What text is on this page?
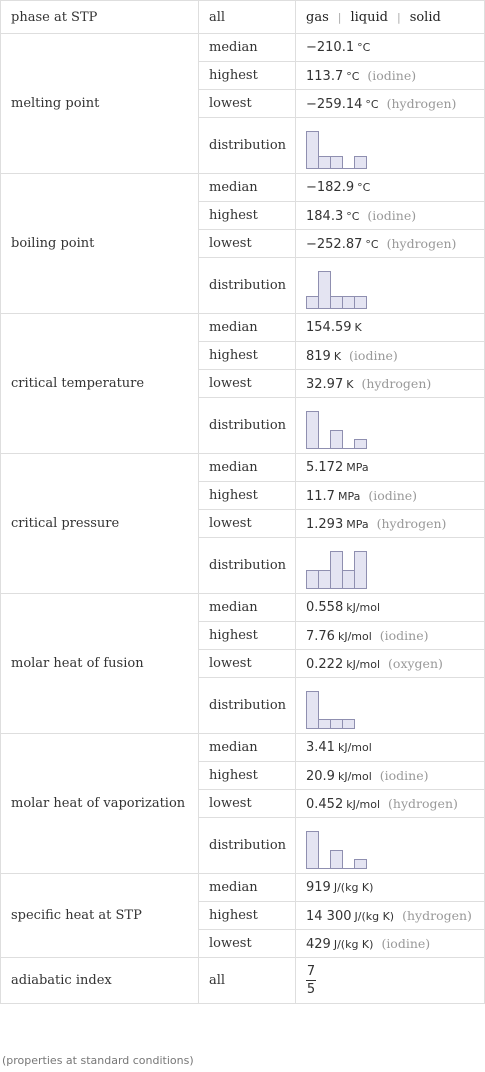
phase at STP	all	gas | liquid | solid
melting point	median	−210.1 °C
	highest	113.7 °C (iodine)
	lowest	−259.14 °C (hydrogen)
	distribution	

boiling point	median	−182.9 °C
	highest	184.3 °C (iodine)
	lowest	−252.87 °C (hydrogen)
	distribution	

critical temperature	median	154.59 K
	highest	819 K (iodine)
	lowest	32.97 K (hydrogen)
	distribution	

critical pressure	median	5.172 MPa
	highest	11.7 MPa (iodine)
	lowest	1.293 MPa (hydrogen)
	distribution	

molar heat of fusion	median	0.558 kJ/mol
	highest	7.76 kJ/mol (iodine)
	lowest	0.222 kJ/mol (oxygen)
	distribution	

molar heat of vaporization	median	3.41 kJ/mol
	highest	20.9 kJ/mol (iodine)
	lowest	0.452 kJ/mol (hydrogen)
	distribution	

specific heat at STP	median	919 J/(kg K)
	highest	14 300 J/(kg K) (hydrogen)
	lowest	429 J/(kg K) (iodine)
adiabatic index	all	$\frac{7}{5}$
(properties at standard conditions)
